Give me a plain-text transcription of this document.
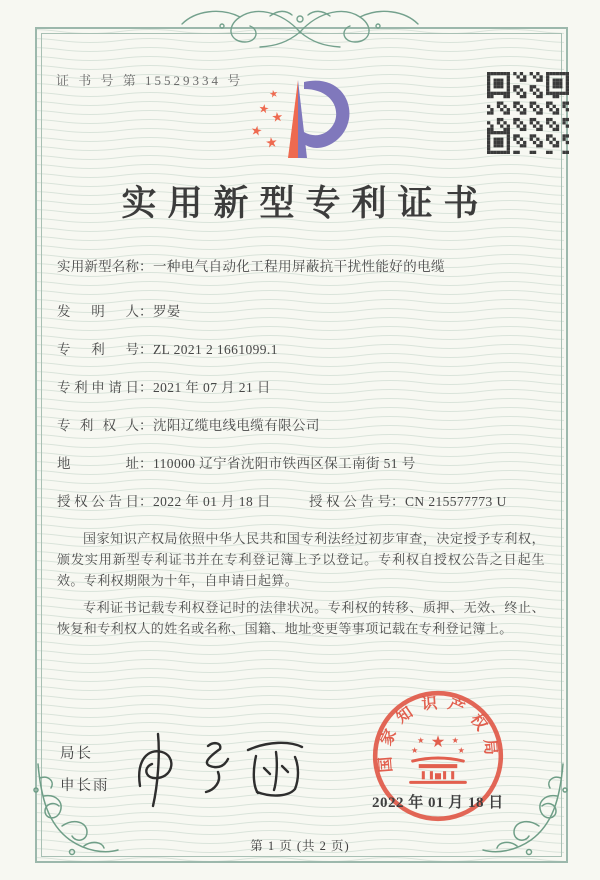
证 书 号 第 15529334 号
★
★
★
★
★
实用新型专利证书
实用新型名称：一种电气自动化工程用屏蔽抗干扰性能好的电缆
发 明 人：罗晏
专 利 号：ZL 2021 2 1661099.1
专利申请日：2021 年 07 月 21 日
专 利 权 人：沈阳辽缆电线电缆有限公司
地 址：110000 辽宁省沈阳市铁西区保工南街 51 号
授权公告日：2022 年 01 月 18 日	授权公告号：CN 215577773 U

国家知识产权局依照中华人民共和国专利法经过初步审查，决定授予专利权，颁发实用新型专利证书并在专利登记簿上予以登记。专利权自授权公告之日起生效。专利权期限为十年，自申请日起算。

专利证书记载专利权登记时的法律状况。专利权的转移、质押、无效、终止、恢复和专利权人的姓名或名称、国籍、地址变更等事项记载在专利登记簿上。

局长
申长雨
国家知识产权局
★
★	★
★	★
2022 年 01 月 18 日
第 1 页 (共 2 页)
